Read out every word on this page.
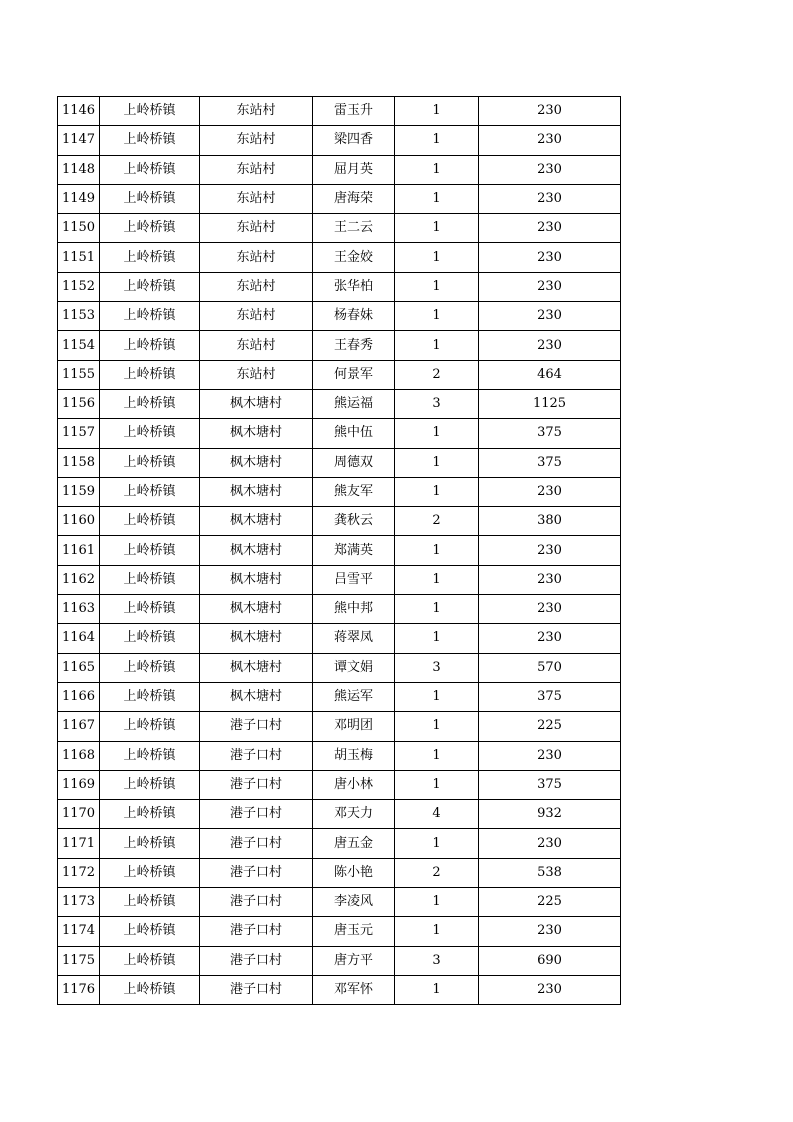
1146	上岭桥镇	东站村	雷玉升	1	230
1147	上岭桥镇	东站村	梁四香	1	230
1148	上岭桥镇	东站村	屈月英	1	230
1149	上岭桥镇	东站村	唐海荣	1	230
1150	上岭桥镇	东站村	王二云	1	230
1151	上岭桥镇	东站村	王金姣	1	230
1152	上岭桥镇	东站村	张华柏	1	230
1153	上岭桥镇	东站村	杨春妹	1	230
1154	上岭桥镇	东站村	王春秀	1	230
1155	上岭桥镇	东站村	何景军	2	464
1156	上岭桥镇	枫木塘村	熊运福	3	1125
1157	上岭桥镇	枫木塘村	熊中伍	1	375
1158	上岭桥镇	枫木塘村	周德双	1	375
1159	上岭桥镇	枫木塘村	熊友军	1	230
1160	上岭桥镇	枫木塘村	龚秋云	2	380
1161	上岭桥镇	枫木塘村	郑满英	1	230
1162	上岭桥镇	枫木塘村	吕雪平	1	230
1163	上岭桥镇	枫木塘村	熊中邦	1	230
1164	上岭桥镇	枫木塘村	蒋翠凤	1	230
1165	上岭桥镇	枫木塘村	谭文娟	3	570
1166	上岭桥镇	枫木塘村	熊运军	1	375
1167	上岭桥镇	港子口村	邓明团	1	225
1168	上岭桥镇	港子口村	胡玉梅	1	230
1169	上岭桥镇	港子口村	唐小林	1	375
1170	上岭桥镇	港子口村	邓天力	4	932
1171	上岭桥镇	港子口村	唐五金	1	230
1172	上岭桥镇	港子口村	陈小艳	2	538
1173	上岭桥镇	港子口村	李凌风	1	225
1174	上岭桥镇	港子口村	唐玉元	1	230
1175	上岭桥镇	港子口村	唐方平	3	690
1176	上岭桥镇	港子口村	邓军怀	1	230
